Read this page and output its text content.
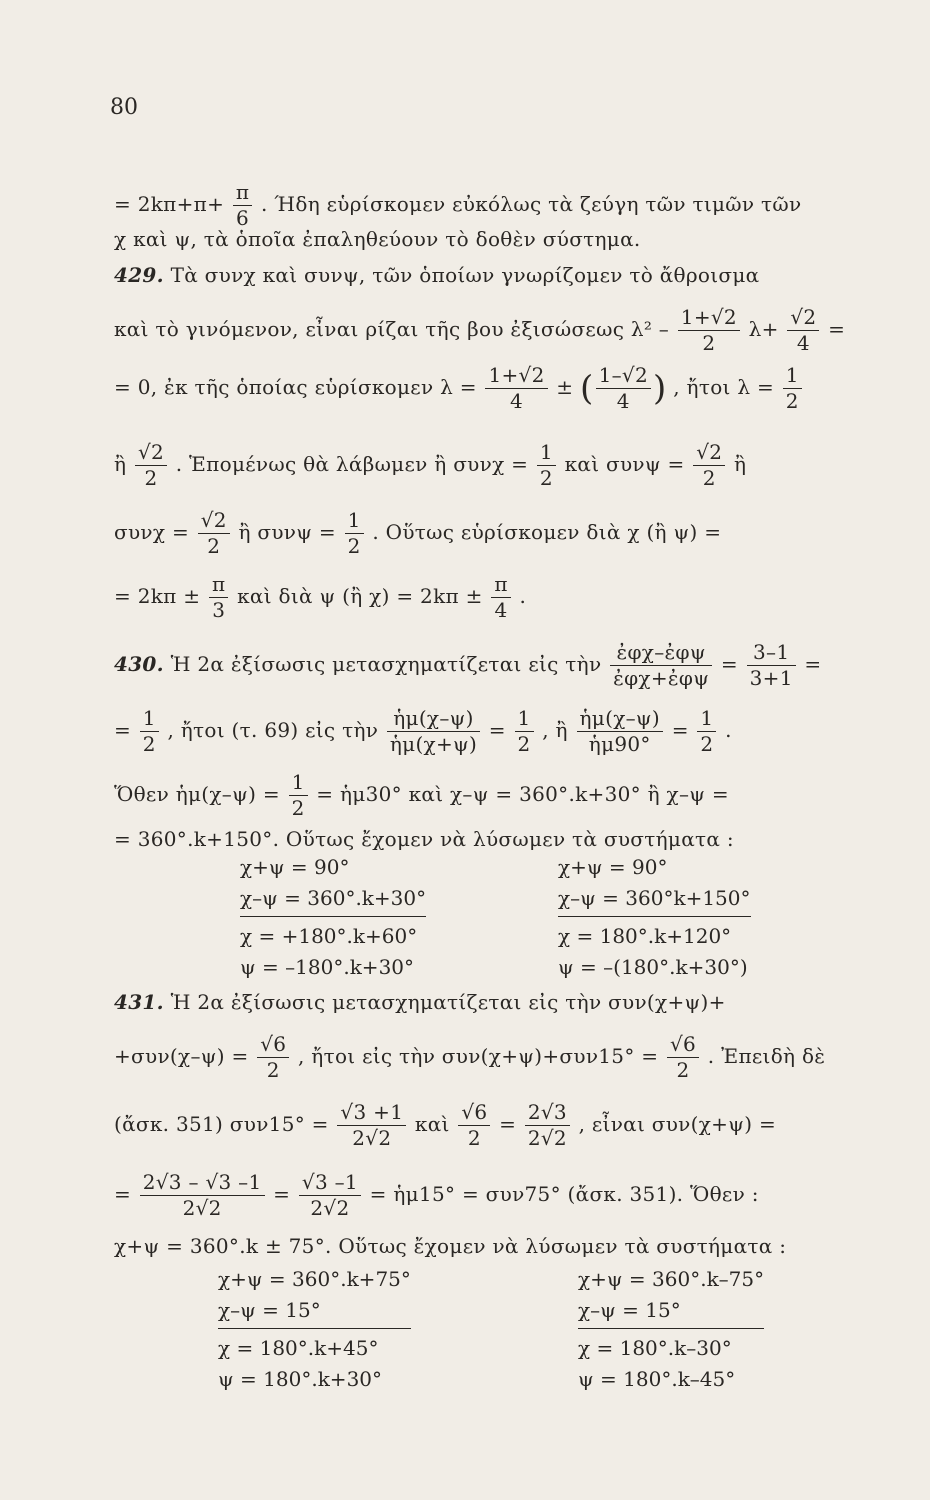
80
= $2k\pi+\pi+ \frac{\pi}{6}$ . Ήδη εὑρίσκομεν εὐκόλως τὰ ζεύγη τῶν τιμῶν τῶν
χ καὶ ψ, τὰ ὁποῖα ἐπαληθεύουν τὸ δοθὲν σύστημα.
429. Τὰ συνχ καὶ συνψ, τῶν ὁποίων γνωρίζομεν τὸ ἄθροισμα
καὶ τὸ γινόμενον, εἶναι ρίζαι τῆς βου ἐξισώσεως $\lambda^2 - \frac{1+√2}{2} \lambda+ \frac{√2}{4}$ =
= 0, ἐκ τῆς ὁποίας εὑρίσκομεν $\lambda = \frac{1+√2}{4}$ ± ( $\frac{1-√2}{4}$ ) , ἤτοι $\lambda = \frac{1}{2}$
ἢ $\frac{√2}{2}$ . Ἑπομένως θὰ λάβωμεν ἢ $\sigma\upsilon\nu\chi = \frac{1}{2}$ καὶ $\sigma\upsilon\nu\psi = \frac{√2}{2}$ ἢ
$\sigma\upsilon\nu\chi = \frac{√2}{2}$ ἢ $\sigma\upsilon\nu\psi = \frac{1}{2}$ . Οὕτως εὑρίσκομεν διὰ χ (ἢ ψ) =
= $2k\pi \pm \frac{\pi}{3}$ καὶ διὰ ψ (ἢ $\chi) = 2k\pi \pm \frac{\pi}{4}$ .
430. Ἡ 2α ἐξίσωσις μετασχηματίζεται εἰς τὴν $\frac{\text{ἐφχ–ἐφψ}}{\text{ἐφχ+ἐφψ}} = \frac{3-1}{3+1}$ =
= $\frac{1}{2}$ , ἤτοι (τ. 69) εἰς τὴν $\frac{\text{ἡμ(χ–ψ)}}{\text{ἡμ(χ+ψ)}} = \frac{1}{2}$ , ἢ $\frac{\text{ἡμ(χ–ψ)}}{\text{ἡμ90°}} = \frac{1}{2}$ .
Ὅθεν ἡμ(χ–ψ) = $\frac{1}{2}$ = ἡμ30° καὶ χ–ψ = 360°.k+30° ἢ χ–ψ =
= 360°.k+150°. Οὕτως ἔχομεν νὰ λύσωμεν τὰ συστήματα :
χ+ψ = 90°
χ–ψ = 360°.k+30°
χ = +180°.k+60°
ψ = –180°.k+30°
χ+ψ = 90°
χ–ψ = 360°k+150°
χ = 180°.k+120°
ψ = –(180°.k+30°)
431. Ἡ 2α ἐξίσωσις μετασχηματίζεται εἰς τὴν συν(χ+ψ)+
$+\sigma\upsilon\nu(\chi-\psi) = \frac{√6}{2}$ , ἤτοι εἰς τὴν $\sigma\upsilon\nu(\chi+\psi)+\sigma\upsilon\nu 15^\circ = \frac{√6}{2}$ . Ἐπειδὴ δὲ
(ἄσκ. 351) $\sigma\upsilon\nu 15^\circ = \frac{√3 +1}{2√2}$ καὶ $\frac{√6}{2} = \frac{2√3}{2√2}$ , εἶναι συν(χ+ψ) =
= $\frac{2√3 - √3 -1}{2√2} = \frac{√3 -1}{2√2}$ = ἡμ15° = συν75° (ἄσκ. 351). Ὅθεν :
χ+ψ = 360°.k ± 75°. Οὕτως ἔχομεν νὰ λύσωμεν τὰ συστήματα :
χ+ψ = 360°.k+75°
χ–ψ = 15°
χ = 180°.k+45°
ψ = 180°.k+30°
χ+ψ = 360°.k–75°
χ–ψ = 15°
χ = 180°.k–30°
ψ = 180°.k–45°
